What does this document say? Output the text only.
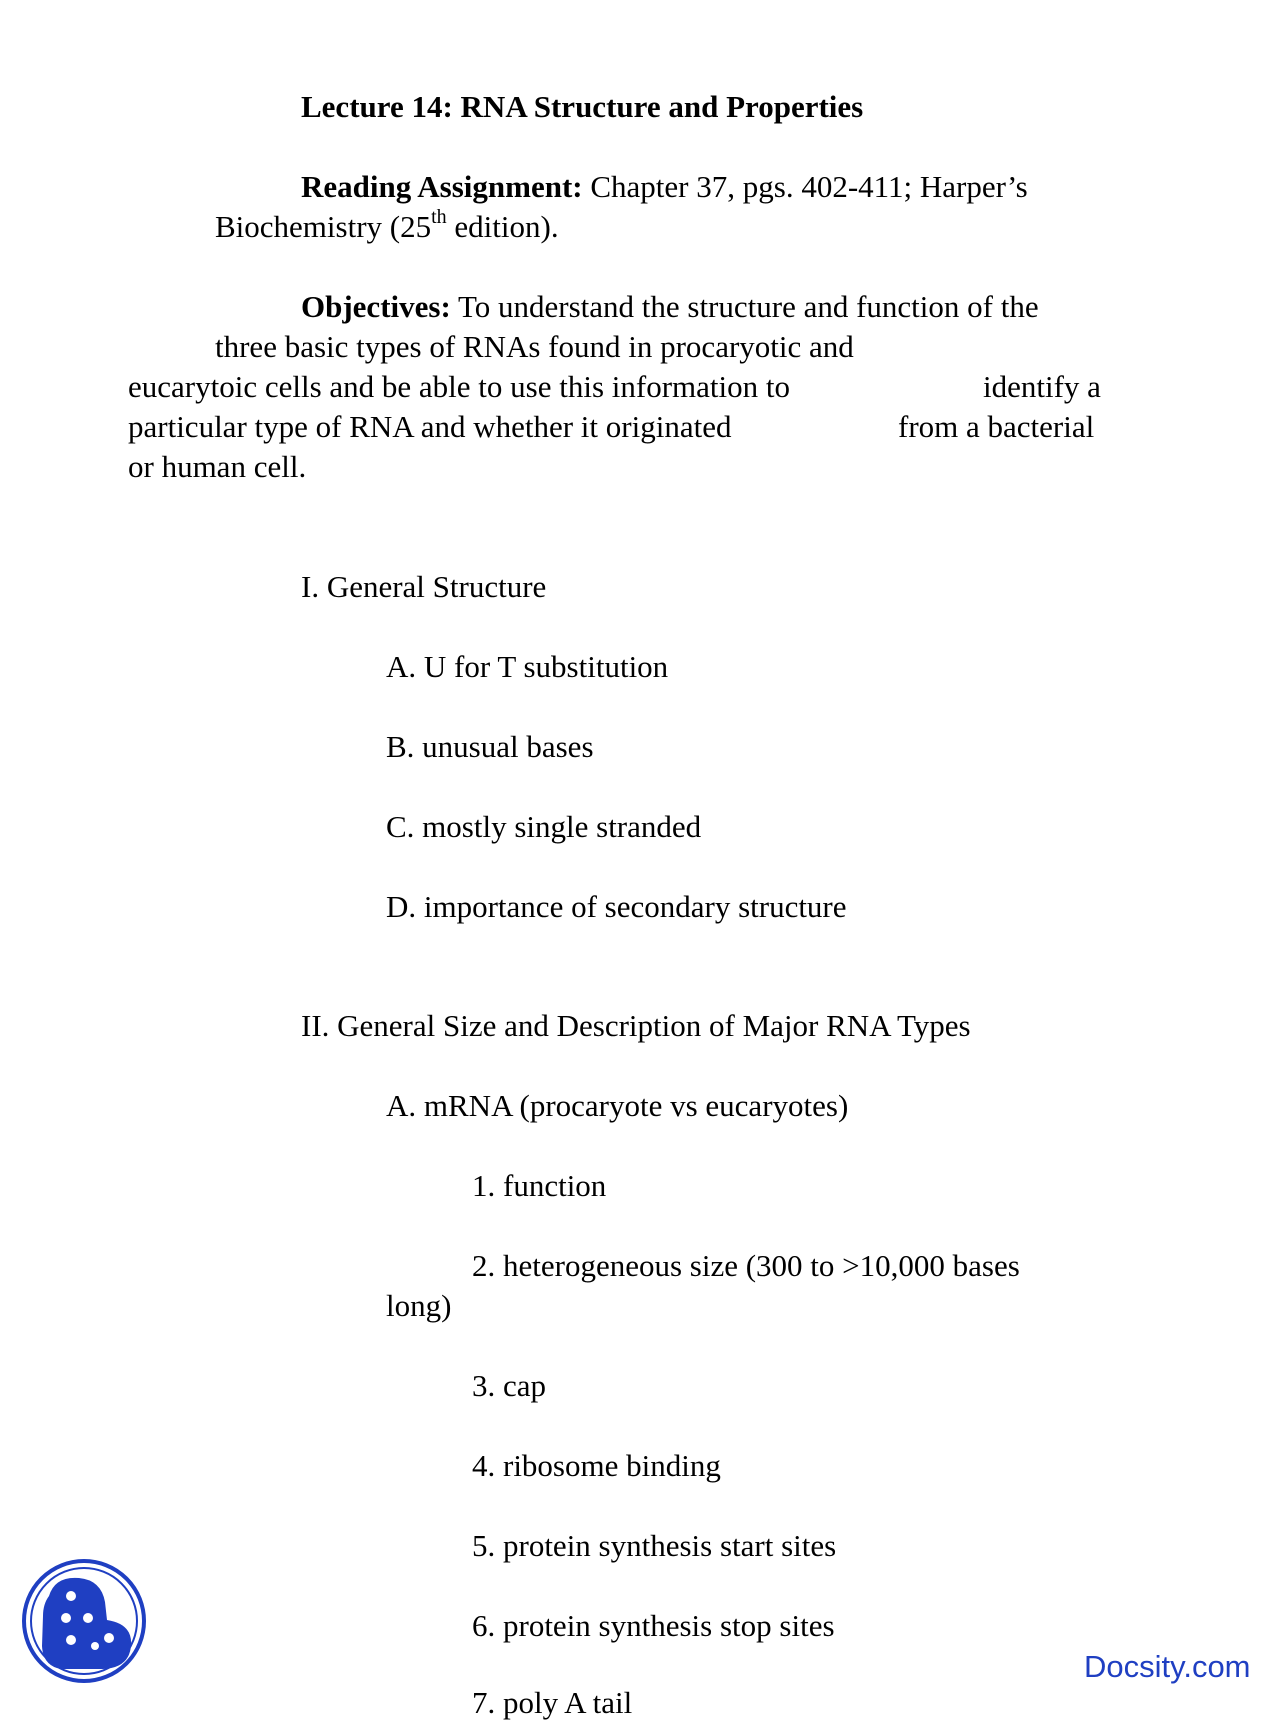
Lecture 14: RNA Structure and Properties
Reading Assignment: Chapter 37, pgs. 402-411; Harper’s
Biochemistry (25th edition).
Objectives: To understand the structure and function of the
three basic types of RNAs found in procaryotic and
eucarytoic cells and be able to use this information to	identify a
particular type of RNA and whether it originated	from a bacterial
or human cell.
I. General Structure
A. U for T substitution
B. unusual bases
C. mostly single stranded
D. importance of secondary structure
II. General Size and Description of Major RNA Types
A. mRNA (procaryote vs eucaryotes)
1. function
2. heterogeneous size (300 to >10,000 bases
long)
3. cap
4. ribosome binding
5. protein synthesis start sites
6. protein synthesis stop sites
7. poly A tail
Docsity.com
